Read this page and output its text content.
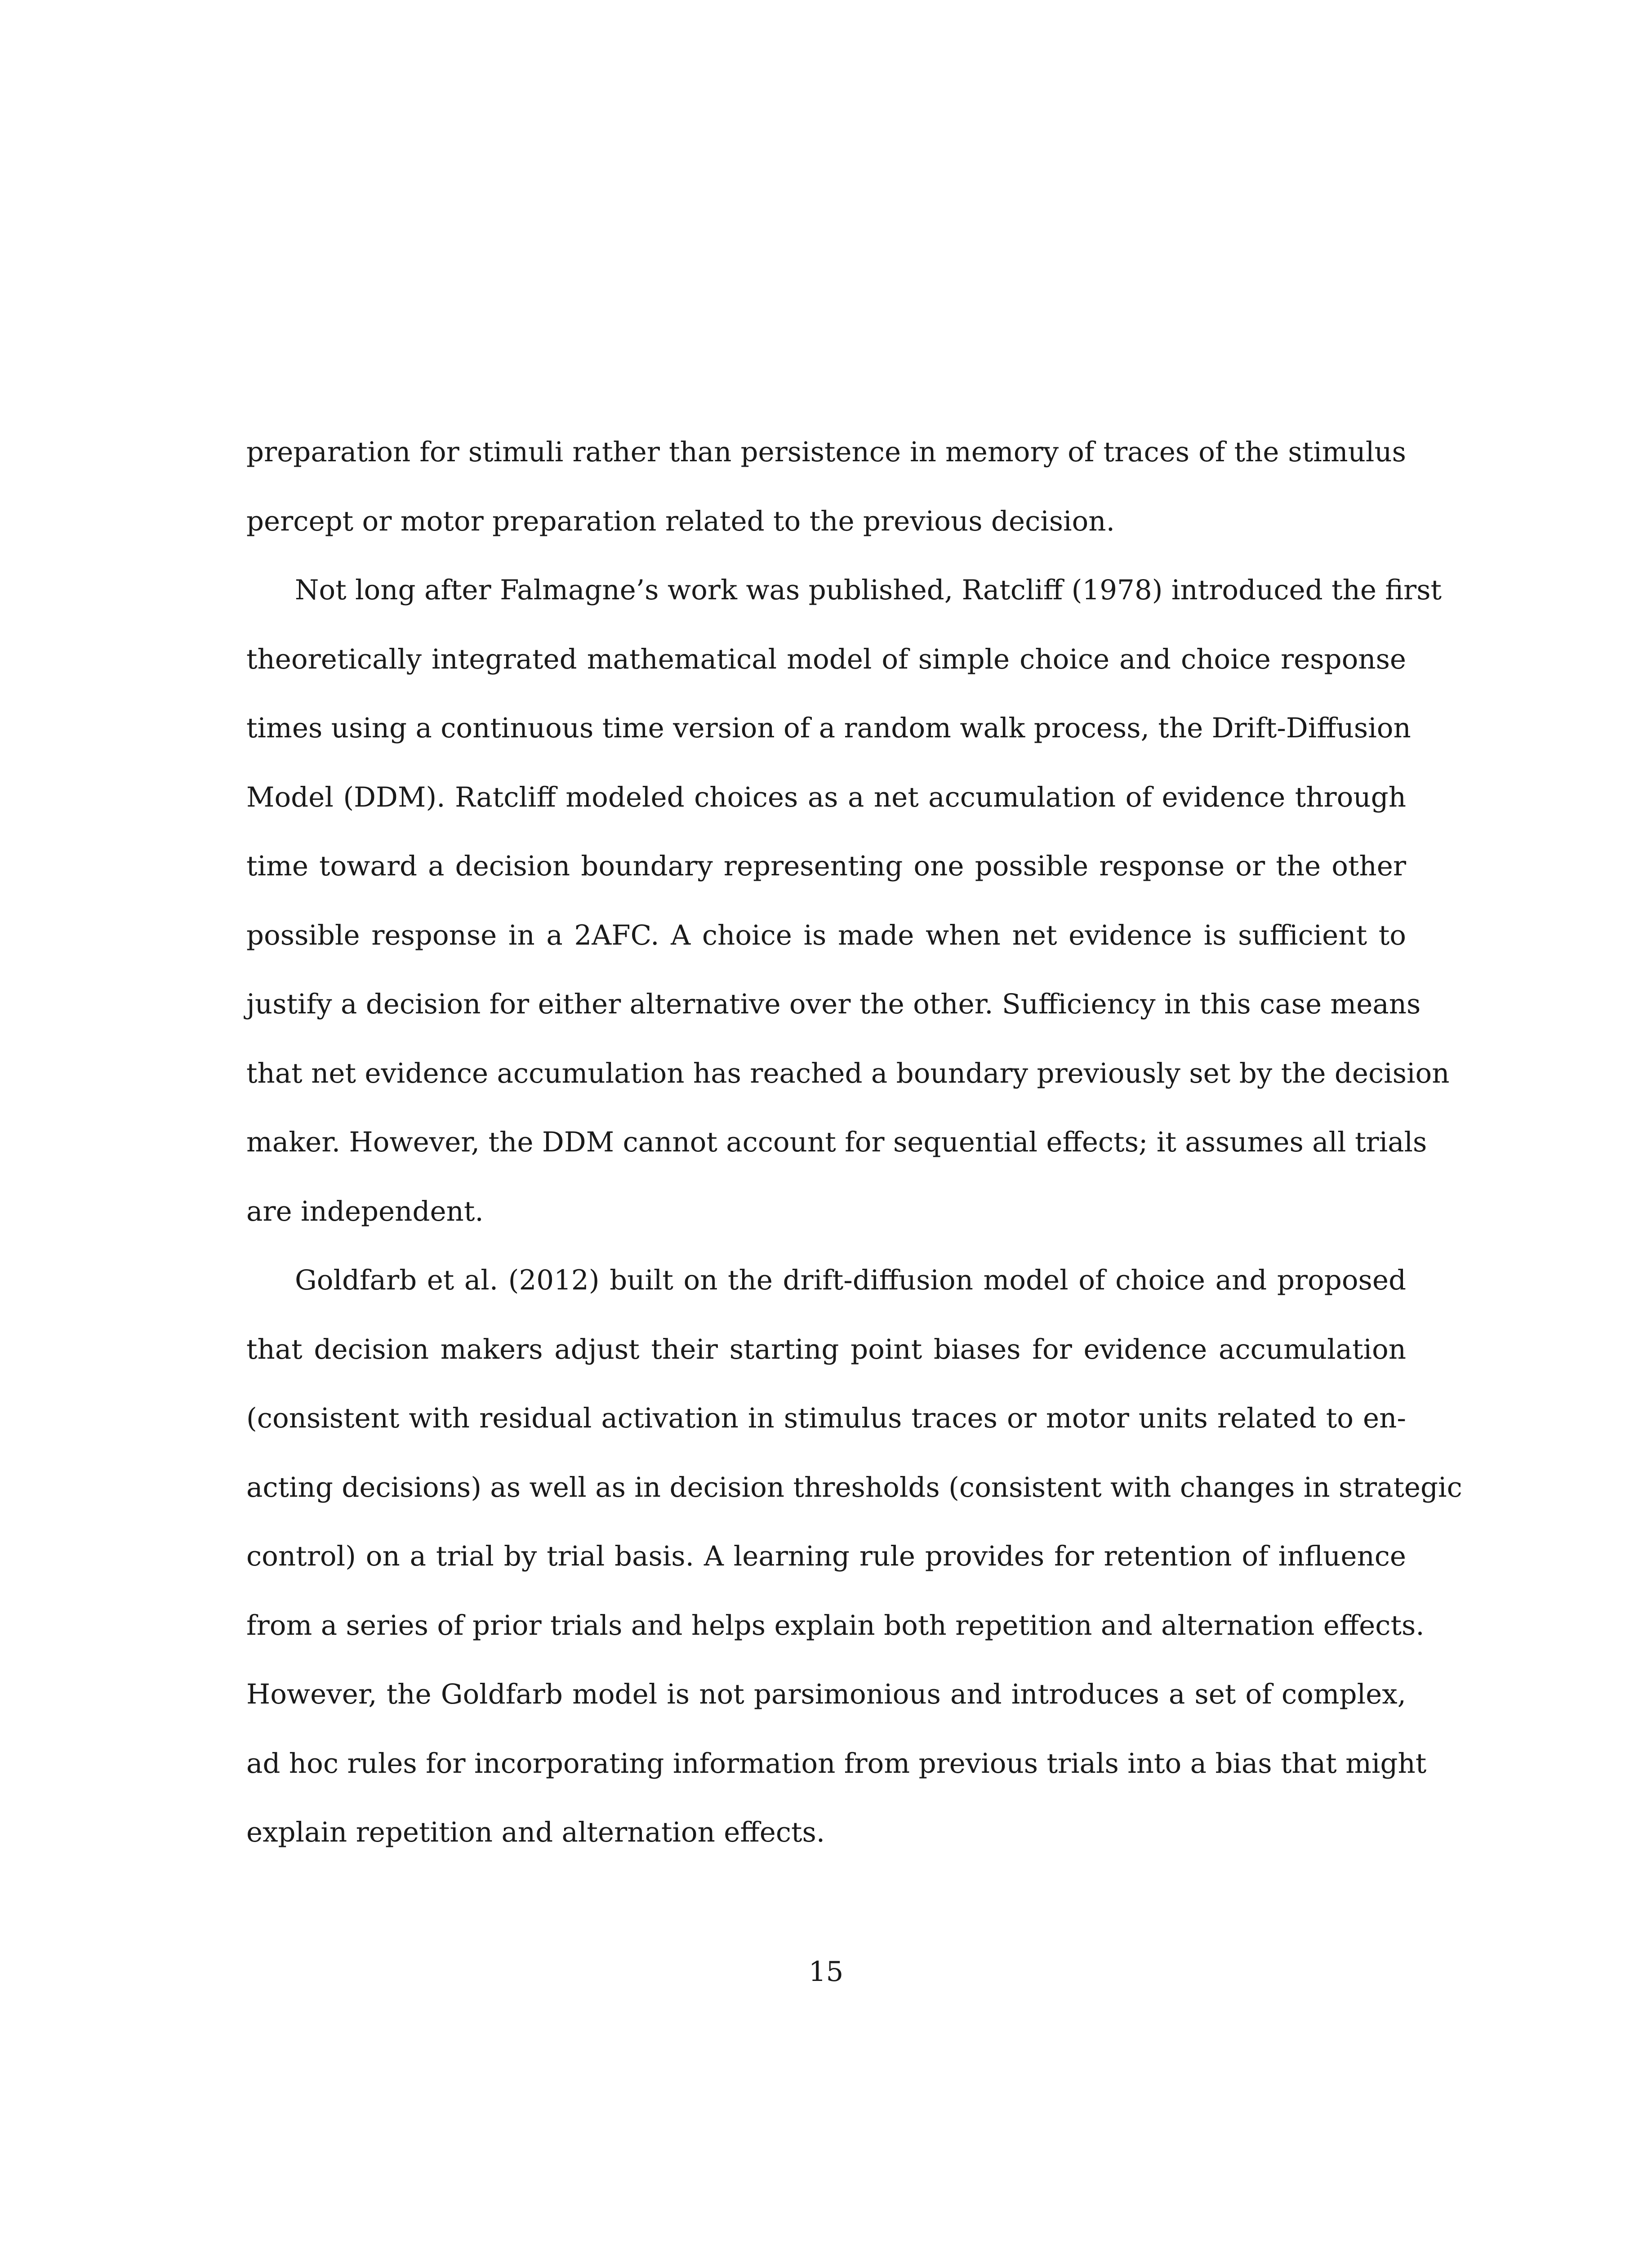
preparation for stimuli rather than persistence in memory of traces of the stimulus
percept or motor preparation related to the previous decision.
Not long after Falmagne’s work was published, Ratcliff (1978) introduced the first
theoretically integrated mathematical model of simple choice and choice response
times using a continuous time version of a random walk process, the Drift-Diffusion
Model (DDM). Ratcliff modeled choices as a net accumulation of evidence through
time toward a decision boundary representing one possible response or the other
possible response in a 2AFC. A choice is made when net evidence is sufficient to
justify a decision for either alternative over the other. Sufficiency in this case means
that net evidence accumulation has reached a boundary previously set by the decision
maker. However, the DDM cannot account for sequential effects; it assumes all trials
are independent.
Goldfarb et al. (2012) built on the drift-diffusion model of choice and proposed
that decision makers adjust their starting point biases for evidence accumulation
(consistent with residual activation in stimulus traces or motor units related to en-
acting decisions) as well as in decision thresholds (consistent with changes in strategic
control) on a trial by trial basis. A learning rule provides for retention of influence
from a series of prior trials and helps explain both repetition and alternation effects.
However, the Goldfarb model is not parsimonious and introduces a set of complex,
ad hoc rules for incorporating information from previous trials into a bias that might
explain repetition and alternation effects.
15
